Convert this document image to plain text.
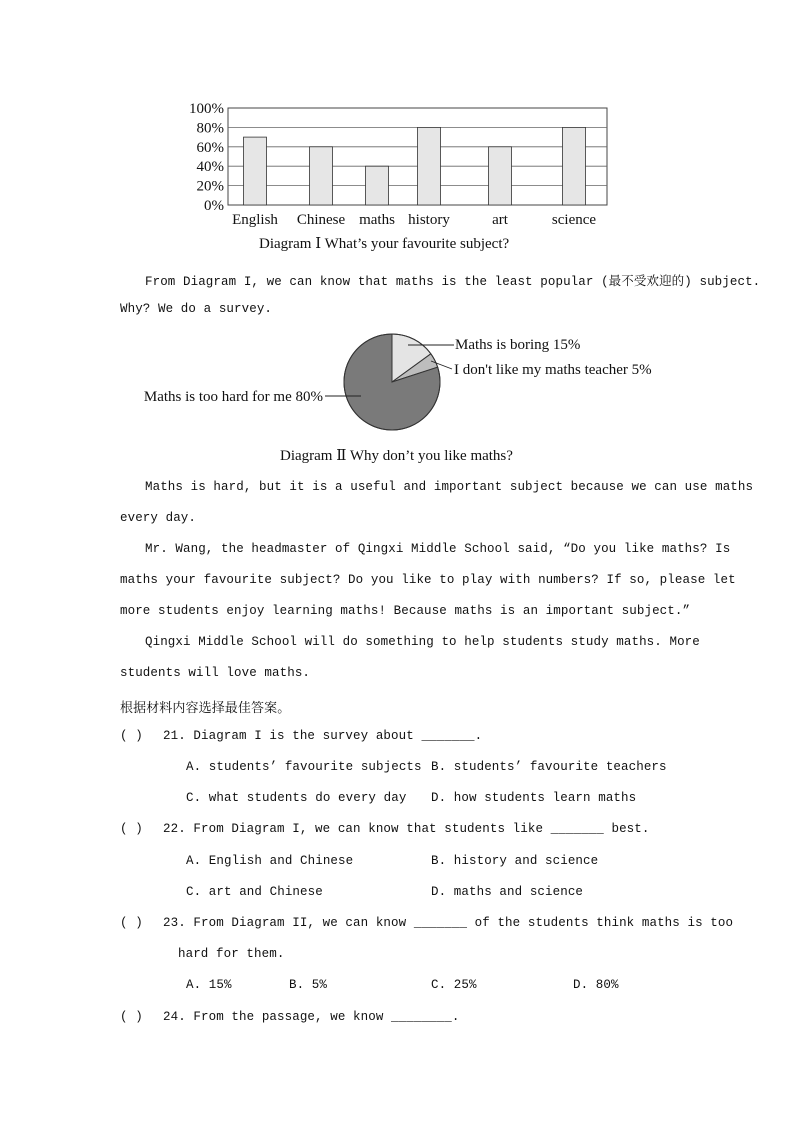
0%
20%
40%
60%
80%
100%
English Chinese maths history	art	science
Diagram Ⅰ What’s your favourite subject?
From Diagram I, we can know that maths is the least popular (最不受欢迎的) subject.
Why? We do a survey.
Maths is boring 15%
I don't like my maths teacher 5%
Maths is too hard for me 80%
Diagram Ⅱ Why don’t you like maths?
Maths is hard, but it is a useful and important subject because we can use maths
every day.
Mr. Wang, the headmaster of Qingxi Middle School said, “Do you like maths? Is
maths your favourite subject? Do you like to play with numbers? If so, please let
more students enjoy learning maths! Because maths is an important subject.”
Qingxi Middle School will do something to help students study maths. More
students will love maths.
根据材料内容选择最佳答案。
( ) 21. Diagram I is the survey about _______.
A. students’ favourite subjects B. students’ favourite teachers
C. what students do every day D. how students learn maths
( ) 22. From Diagram I, we can know that students like _______ best.
A. English and Chinese	B. history and science
C. art and Chinese	D. maths and science
( ) 23. From Diagram II, we can know _______ of the students think maths is too
hard for them.
A. 15%	B. 5%	C. 25%	D. 80%
( ) 24. From the passage, we know ________.
